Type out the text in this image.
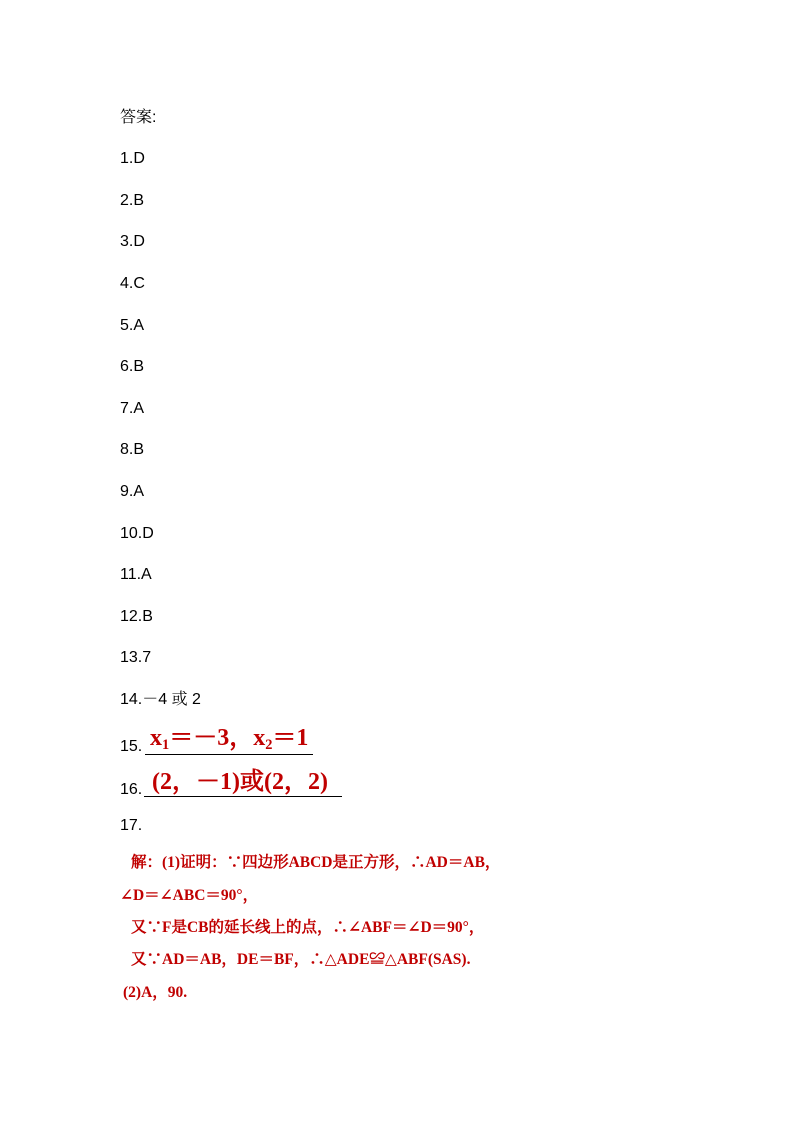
答案:
1.D
2.B
3.D
4.C
5.A
6.B
7.A
8.B
9.A
10.D
11.A
12.B
13.7
14.－4 或 2
15. $x_1=-3$，$x_2=1$
16. (2，－1)或(2，2)
17.
解：(1)证明：∵四边形ABCD是正方形，∴AD＝AB，
∠D＝∠ABC＝90°，
又∵F是CB的延长线上的点，∴∠ABF＝∠D＝90°，
又∵AD＝AB，DE＝BF，∴△ADE≌△ABF(SAS).
(2)A，90.
